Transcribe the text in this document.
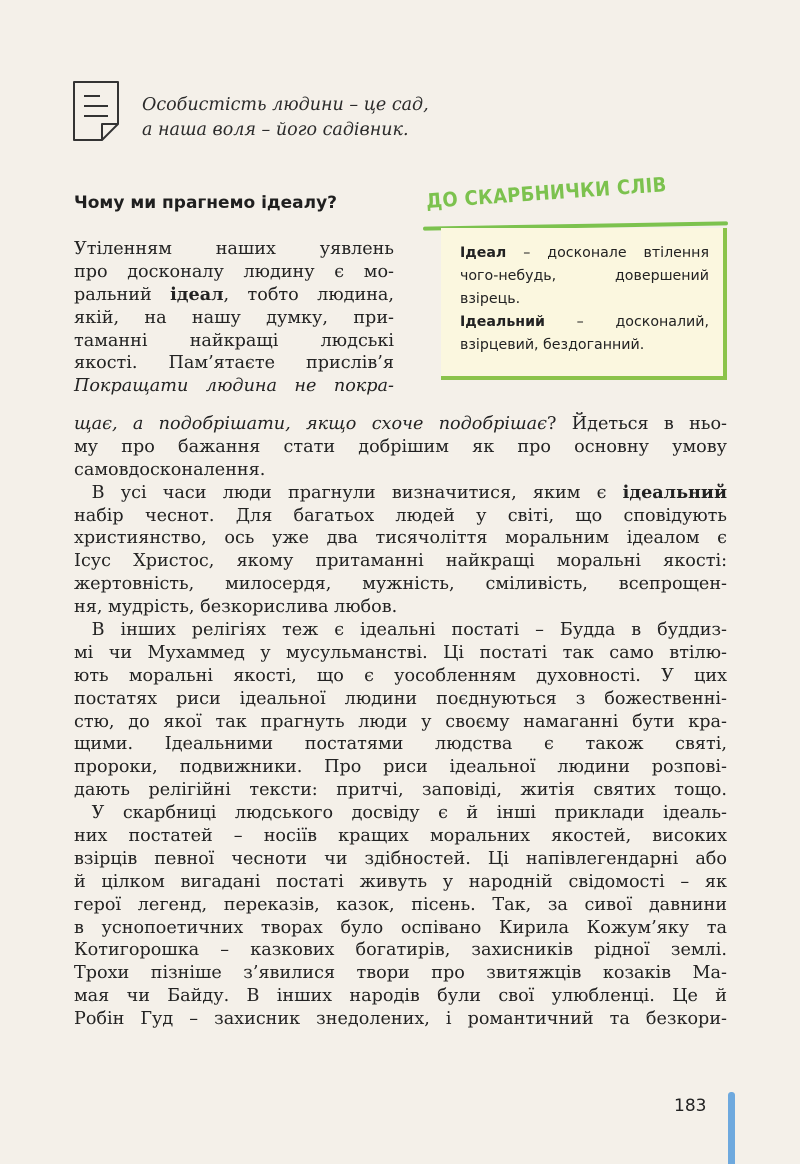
Особистість людини – це сад,
а наша воля – його садівник.
Чому ми прагнемо ідеалу?	ДО СКАРБНИЧКИ СЛІВ

Ідеал – досконале втілення чого-небудь, довершений взірець.

Ідеальний – досконалий, взірцевий, бездоганний.

Утіленням наших уявлень
про досконалу людину є мо-
ральний ідеал, тобто людина,
якій, на нашу думку, при-
таманні найкращі людські
якості. Пам’ятаєте прислів’я
Покращати людина не покра-
щає, а подобрішати, якщо схоче подобрішає? Йдеться в ньо-
му про бажання стати добрішим як про основну умову
самовдосконалення.
 В усі часи люди прагнули визначитися, яким є ідеальний
набір чеснот. Для багатьох людей у світі, що сповідують
християнство, ось уже два тисячоліття моральним ідеалом є
Ісус Христос, якому притаманні найкращі моральні якості:
жертовність, милосердя, мужність, сміливість, всепрощен-
ня, мудрість, безкорислива любов.
 В інших релігіях теж є ідеальні постаті – Будда в буддиз-
мі чи Мухаммед у мусульманстві. Ці постаті так само втілю-
ють моральні якості, що є уособленням духовності. У цих
постатях риси ідеальної людини поєднуються з божественні-
стю, до якої так прагнуть люди у своєму намаганні бути кра-
щими. Ідеальними постатями людства є також святі,
пророки, подвижники. Про риси ідеальної людини розпові-
дають релігійні тексти: притчі, заповіді, житія святих тощо.
 У скарбниці людського досвіду є й інші приклади ідеаль-
них постатей – носіїв кращих моральних якостей, високих
взірців певної чесноти чи здібностей. Ці напівлегендарні або
й цілком вигадані постаті живуть у народній свідомості – як
герої легенд, переказів, казок, пісень. Так, за сивої давнини
в уснопоетичних творах було оспівано Кирила Кожум’яку та
Котигорошка – казкових богатирів, захисників рідної землі.
Трохи пізніше з’явилися твори про звитяжців козаків Ма-
мая чи Байду. В інших народів були свої улюбленці. Це й
Робін Гуд – захисник знедолених, і романтичний та безкори-
183
